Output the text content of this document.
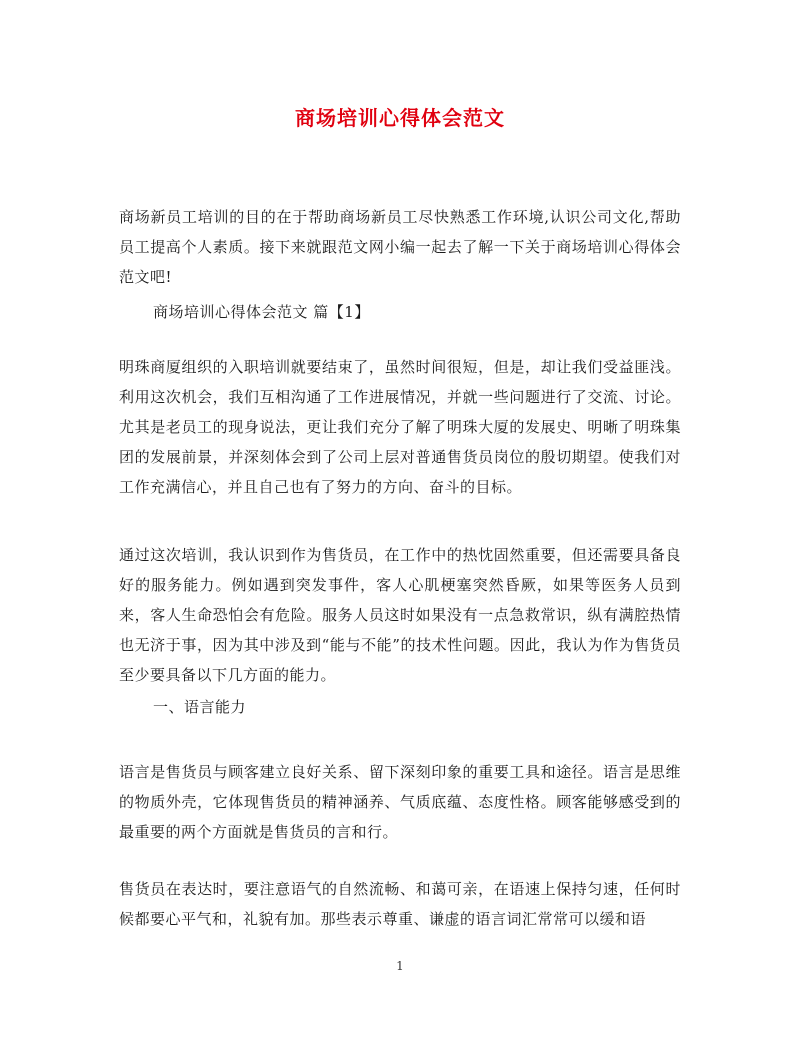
商场培训心得体会范文

商场新员工培训的目的在于帮助商场新员工尽快熟悉工作环境,认识公司文化,帮助员工提高个人素质。接下来就跟范文网小编一起去了解一下关于商场培训心得体会范文吧!

商场培训心得体会范文 篇【1】

明珠商厦组织的入职培训就要结束了，虽然时间很短，但是，却让我们受益匪浅。利用这次机会，我们互相沟通了工作进展情况，并就一些问题进行了交流、讨论。尤其是老员工的现身说法，更让我们充分了解了明珠大厦的发展史、明晰了明珠集团的发展前景，并深刻体会到了公司上层对普通售货员岗位的殷切期望。使我们对工作充满信心，并且自己也有了努力的方向、奋斗的目标。

通过这次培训，我认识到作为售货员，在工作中的热忱固然重要，但还需要具备良好的服务能力。例如遇到突发事件，客人心肌梗塞突然昏厥，如果等医务人员到来，客人生命恐怕会有危险。服务人员这时如果没有一点急救常识，纵有满腔热情也无济于事，因为其中涉及到“能与不能”的技术性问题。因此，我认为作为售货员至少要具备以下几方面的能力。

一、语言能力

语言是售货员与顾客建立良好关系、留下深刻印象的重要工具和途径。语言是思维的物质外壳，它体现售货员的精神涵养、气质底蕴、态度性格。顾客能够感受到的最重要的两个方面就是售货员的言和行。

售货员在表达时，要注意语气的自然流畅、和蔼可亲，在语速上保持匀速，任何时候都要心平气和，礼貌有加。那些表示尊重、谦虚的语言词汇常常可以缓和语

1
